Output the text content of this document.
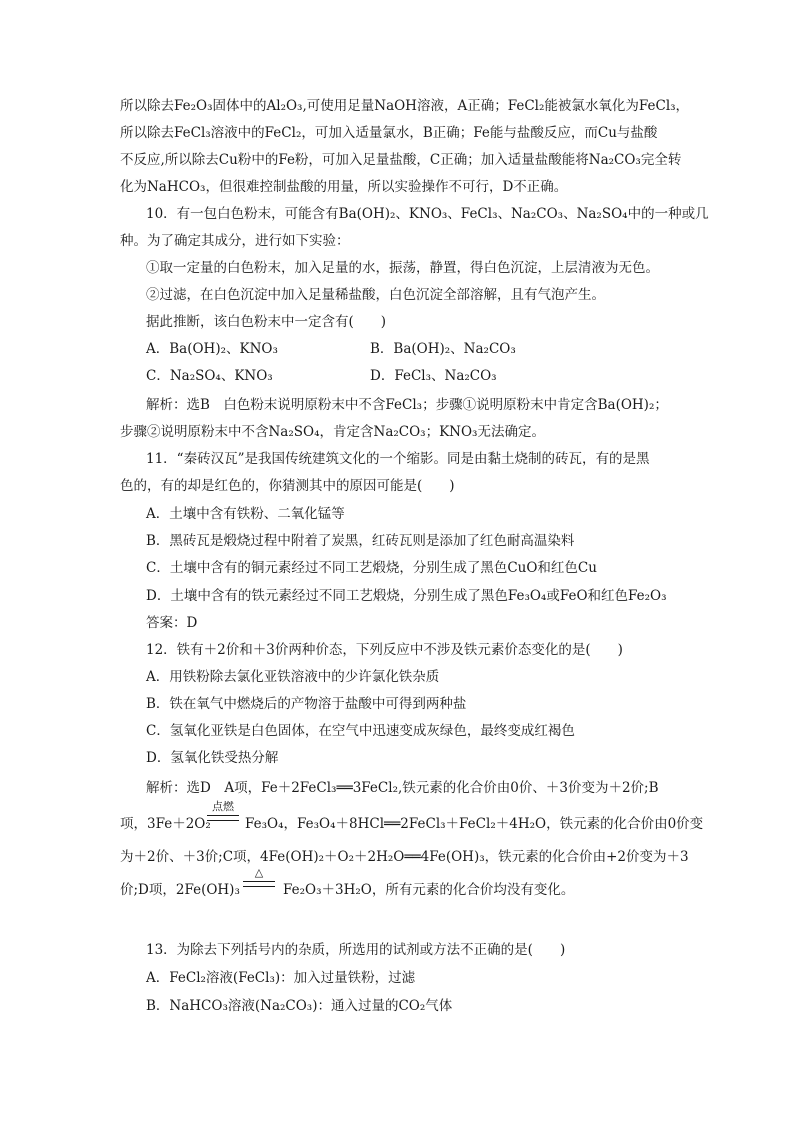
所以除去Fe₂O₃固体中的Al₂O₃,可使用足量NaOH溶液，A正确；FeCl₂能被氯水氧化为FeCl₃，
所以除去FeCl₃溶液中的FeCl₂，可加入适量氯水，B正确；Fe能与盐酸反应，而Cu与盐酸
不反应,所以除去Cu粉中的Fe粉，可加入足量盐酸，C正确；加入适量盐酸能将Na₂CO₃完全转
化为NaHCO₃，但很难控制盐酸的用量，所以实验操作不可行，D不正确。
10．有一包白色粉末，可能含有Ba(OH)₂、KNO₃、FeCl₃、Na₂CO₃、Na₂SO₄中的一种或几
种。为了确定其成分，进行如下实验：
①取一定量的白色粉末，加入足量的水，振荡，静置，得白色沉淀，上层清液为无色。
②过滤，在白色沉淀中加入足量稀盐酸，白色沉淀全部溶解，且有气泡产生。
据此推断，该白色粉末中一定含有(　　)
A．Ba(OH)₂、KNO₃	B．Ba(OH)₂、Na₂CO₃
C．Na₂SO₄、KNO₃	D．FeCl₃、Na₂CO₃
解析：选B　白色粉末说明原粉末中不含FeCl₃；步骤①说明原粉末中肯定含Ba(OH)₂；
步骤②说明原粉末中不含Na₂SO₄，肯定含Na₂CO₃；KNO₃无法确定。
11．“秦砖汉瓦”是我国传统建筑文化的一个缩影。同是由黏土烧制的砖瓦，有的是黑
色的，有的却是红色的，你猜测其中的原因可能是(　　)
A．土壤中含有铁粉、二氧化锰等
B．黑砖瓦是煅烧过程中附着了炭黑，红砖瓦则是添加了红色耐高温染料
C．土壤中含有的铜元素经过不同工艺煅烧，分别生成了黑色CuO和红色Cu
D．土壤中含有的铁元素经过不同工艺煅烧，分别生成了黑色Fe₃O₄或FeO和红色Fe₂O₃
答案：D
12．铁有＋2价和＋3价两种价态，下列反应中不涉及铁元素价态变化的是(　　)
A．用铁粉除去氯化亚铁溶液中的少许氯化铁杂质
B．铁在氧气中燃烧后的产物溶于盐酸中可得到两种盐
C．氢氧化亚铁是白色固体，在空气中迅速变成灰绿色，最终变成红褐色
D．氢氧化铁受热分解
解析：选D　A项，Fe＋2FeCl₃══3FeCl₂,铁元素的化合价由0价、＋3价变为＋2价;B
项，3Fe＋2O₂
点燃
Fe₃O₄，Fe₃O₄＋8HCl══2FeCl₃＋FeCl₂＋4H₂O，铁元素的化合价由0价变
为＋2价、＋3价;C项，4Fe(OH)₂＋O₂＋2H₂O══4Fe(OH)₃，铁元素的化合价由+2价变为＋3
价;D项，2Fe(OH)₃
△
Fe₂O₃＋3H₂O，所有元素的化合价均没有变化。
13．为除去下列括号内的杂质，所选用的试剂或方法不正确的是(　　)
A．FeCl₂溶液(FeCl₃)：加入过量铁粉，过滤
B．NaHCO₃溶液(Na₂CO₃)：通入过量的CO₂气体
